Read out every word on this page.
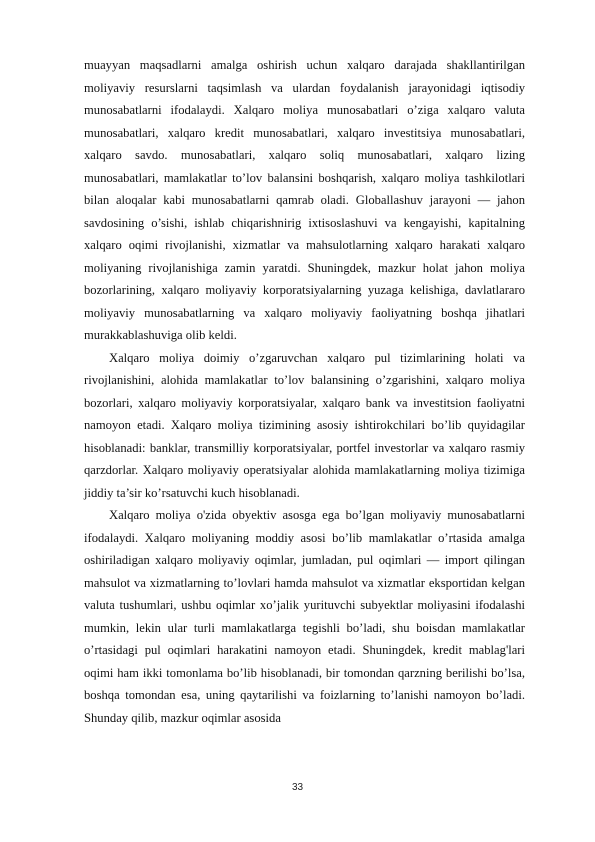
muayyan maqsadlarni amalga oshirish uchun xalqaro darajada shakllantirilgan moliyaviy resurslarni taqsimlash va ulardan foydalanish jarayonidagi iqtisodiy munosabatlarni ifodalaydi. Xalqaro moliya munosabatlari o’ziga xalqaro valuta munosabatlari, xalqaro kredit munosabatlari, xalqaro investitsiya munosabatlari, xalqaro savdo. munosabatlari, xalqaro soliq munosabatlari, xalqaro lizing munosabatlari, mamlakatlar to’lov balansini boshqarish, xalqaro moliya tashkilotlari bilan aloqalar kabi munosabatlarni qamrab oladi. Globallashuv jarayoni — jahon savdosining o’sishi, ishlab chiqarishnirig ixtisoslashuvi va kengayishi, kapitalning xalqaro oqimi rivojlanishi, xizmatlar va mahsulotlarning xalqaro harakati xalqaro moliyaning rivojlanishiga zamin yaratdi. Shuningdek, mazkur holat jahon moliya bozorlarining, xalqaro moliyaviy korporatsiyalarning yuzaga kelishiga, davlatlararo moliyaviy munosabatlarning va xalqaro moliyaviy faoliyatning boshqa jihatlari murakkablashuviga olib keldi.

Xalqaro moliya doimiy o’zgaruvchan xalqaro pul tizimlarining holati va rivojlanishini, alohida mamlakatlar to’lov balansining o’zgarishini, xalqaro moliya bozorlari, xalqaro moliyaviy korporatsiyalar, xalqaro bank va investitsion faoliyatni namoyon etadi. Xalqaro moliya tizimining asosiy ishtirokchilari bo’lib quyidagilar hisoblanadi: banklar, transmilliy korporatsiyalar, portfel investorlar va xalqaro rasmiy qarzdorlar. Xalqaro moliyaviy operatsiyalar alohida mamlakatlarning moliya tizimiga jiddiy ta’sir ko’rsatuvchi kuch hisoblanadi.

Xalqaro moliya o'zida obyektiv asosga ega bo’lgan moliyaviy munosabatlarni ifodalaydi. Xalqaro moliyaning moddiy asosi bo’lib mamlakatlar o’rtasida amalga oshiriladigan xalqaro moliyaviy oqimlar, jumladan, pul oqimlari — import qilingan mahsulot va xizmatlarning to’lovlari hamda mahsulot va xizmatlar eksportidan kelgan valuta tushumlari, ushbu oqimlar xo’jalik yurituvchi subyektlar moliyasini ifodalashi mumkin, lekin ular turli mamlakatlarga tegishli bo’ladi, shu boisdan mamlakatlar o’rtasidagi pul oqimlari harakatini namoyon etadi. Shuningdek, kredit mablag'lari oqimi ham ikki tomonlama bo’lib hisoblanadi, bir tomondan qarzning berilishi bo’lsa, boshqa tomondan esa, uning qaytarilishi va foizlarning to’lanishi namoyon bo’ladi. Shunday qilib, mazkur oqimlar asosida

33
